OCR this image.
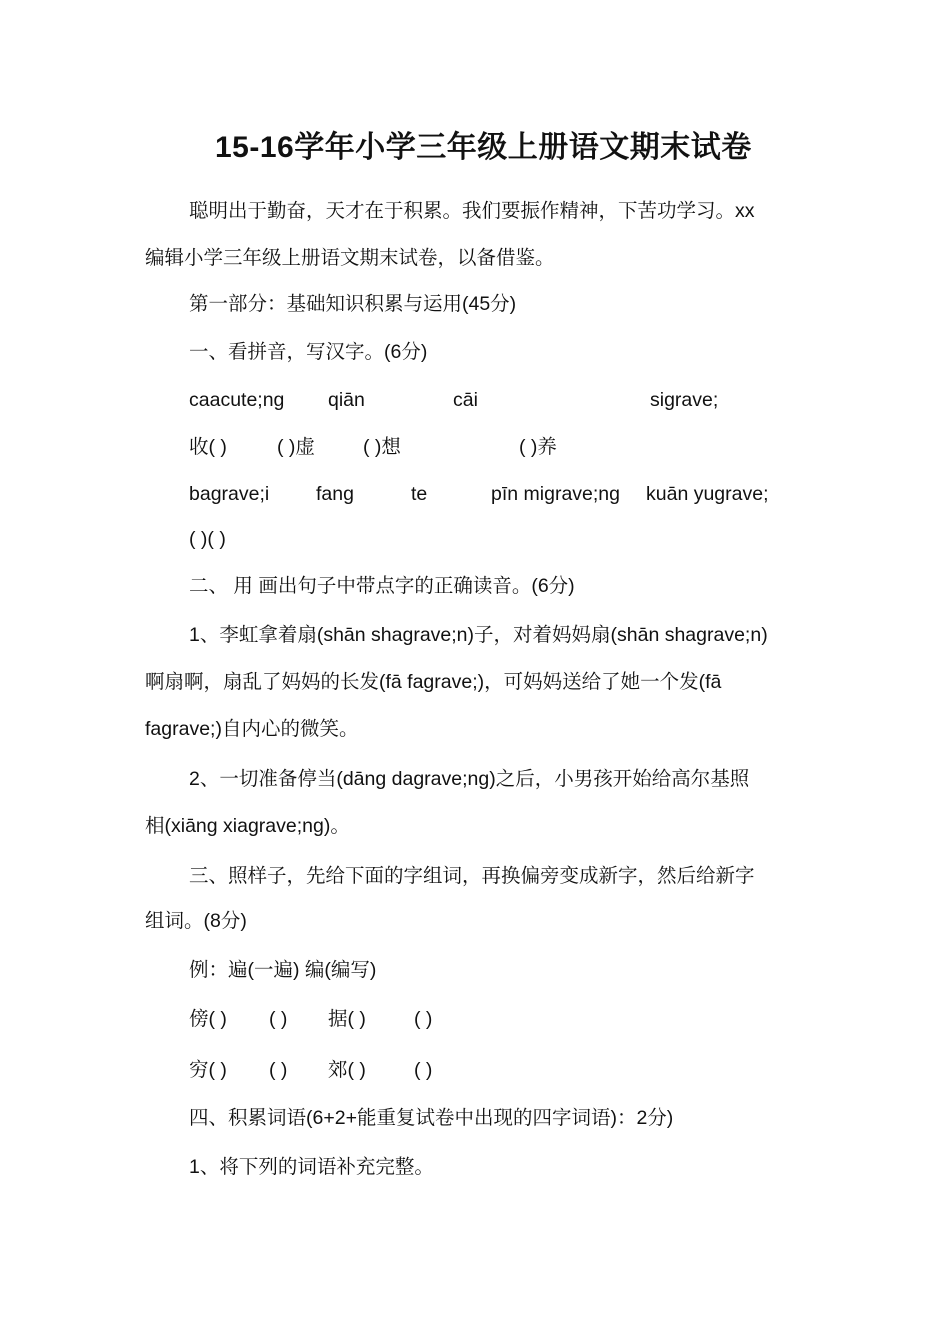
15-16学年小学三年级上册语文期末试卷
聪明出于勤奋，天才在于积累。我们要振作精神，下苦功学习。xx
编辑小学三年级上册语文期末试卷，以备借鉴。
第一部分：基础知识积累与运用(45分)
一、看拼音，写汉字。(6分)
caacute;ng qiān	cāi	sigrave;
收( )	( )虚 ( )想	( )养
bagrave;i fang	te	pīn migrave;ng kuān yugrave;
( )( )
二、 用 画出句子中带点字的正确读音。(6分)
1、李虹拿着扇(shān shagrave;n)子，对着妈妈扇(shān shagrave;n)
啊扇啊，扇乱了妈妈的长发(fā fagrave;)，可妈妈送给了她一个发(fā
fagrave;)自内心的微笑。
2、一切准备停当(dāng dagrave;ng)之后，小男孩开始给高尔基照
相(xiāng xiagrave;ng)。
三、照样子，先给下面的字组词，再换偏旁变成新字，然后给新字
组词。(8分)
例：遍(一遍) 编(编写)
傍( ) ( ) 据( ) ( )
穷( ) ( ) 郊( ) ( )
四、积累词语(6+2+能重复试卷中出现的四字词语)：2分)
1、将下列的词语补充完整。
